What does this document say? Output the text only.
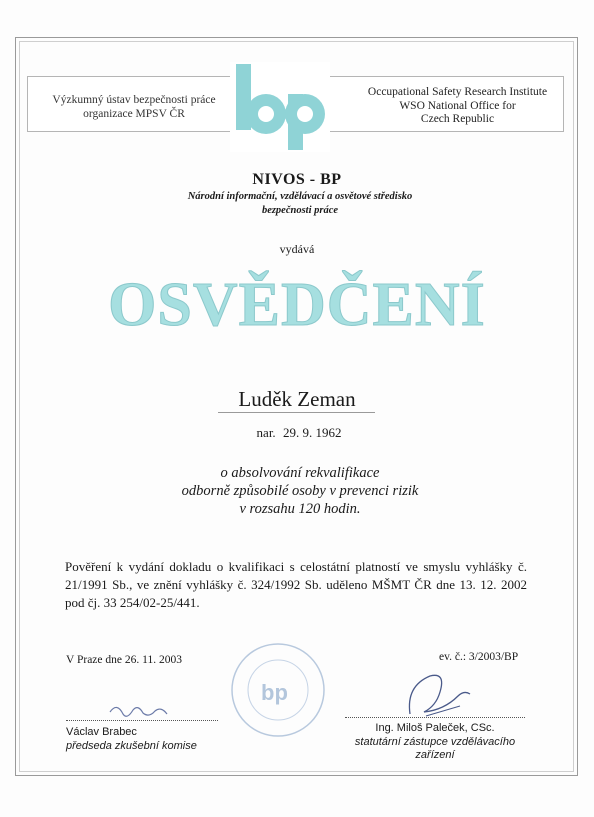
Výzkumný ústav bezpečnosti práce
organizace MPSV ČR
Occupational Safety Research Institute
WSO National Office for
Czech Republic
NIVOS - BP
Národní informační, vzdělávací a osvětové středisko
bezpečnosti práce
vydává
OSVĚDČENÍ
Luděk Zeman
nar. 29. 9. 1962
o absolvování rekvalifikace
odborně způsobilé osoby v prevenci rizik
v rozsahu 120 hodin.
Pověření k vydání dokladu o kvalifikaci s celostátní platností ve smyslu vyhlášky č. 21/1991 Sb., ve znění vyhlášky č. 324/1992 Sb. uděleno MŠMT ČR dne 13. 12. 2002 pod čj. 33 254/02-25/441.
V Praze dne 26. 11. 2003	ev. č.: 3/2003/BP
bp
Václav Brabec
předseda zkušební komise
Ing. Miloš Paleček, CSc.
statutární zástupce vzdělávacího
zařízení
